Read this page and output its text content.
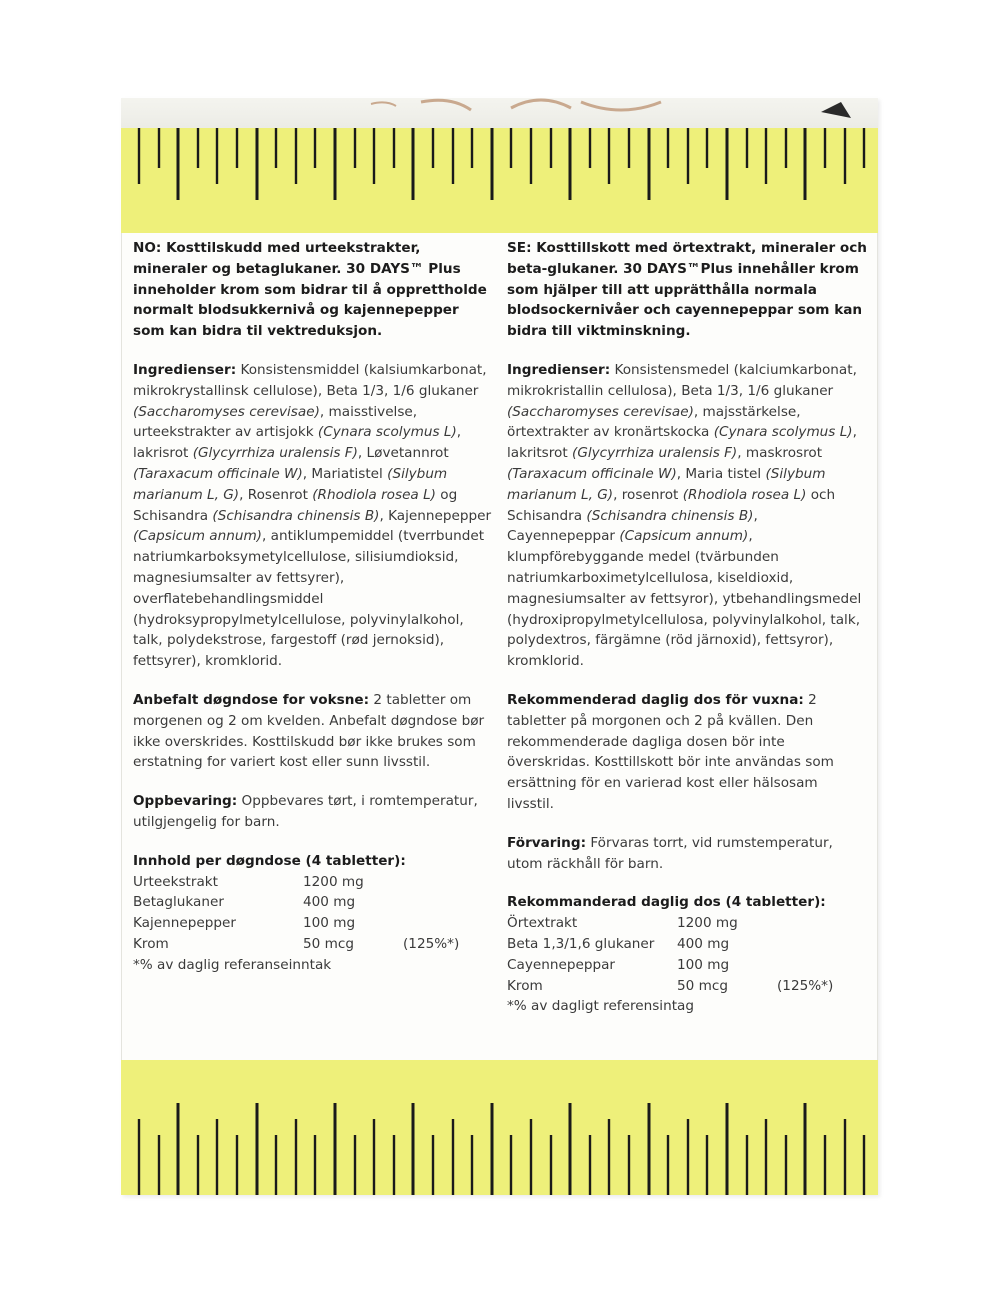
NO: Kosttilskudd med urteekstrakter, mineraler og betaglukaner. 30 DAYS™ Plus inneholder krom som bidrar til å opprettholde normalt blodsukkernivå og kajennepepper som kan bidra til vektreduksjon.

Ingredienser: Konsistensmiddel (kalsiumkarbonat, mikrokrystallinsk cellulose), Beta 1/3, 1/6 glukaner (Saccharomyses cerevisae), maisstivelse, urteekstrakter av artisjokk (Cynara scolymus L), lakrisrot (Glycyrrhiza uralensis F), Løvetannrot (Taraxacum officinale W), Mariatistel (Silybum marianum L, G), Rosenrot (Rhodiola rosea L) og Schisandra (Schisandra chinensis B), Kajennepepper (Capsicum annum), antiklumpemiddel (tverrbundet natriumkarboksymetylcellulose, silisiumdioksid, magnesiumsalter av fettsyrer), overflatebehandlingsmiddel (hydroksypropylmetylcellulose, polyvinylalkohol, talk, polydekstrose, fargestoff (rød jernoksid), fettsyrer), kromklorid.

Anbefalt døgndose for voksne: 2 tabletter om morgenen og 2 om kvelden. Anbefalt døgndose bør ikke overskrides. Kosttilskudd bør ikke brukes som erstatning for variert kost eller sunn livsstil.

Oppbevaring: Oppbevares tørt, i romtemperatur, utilgjengelig for barn.

Innhold per døgndose (4 tabletter):

Urteekstrakt	1200 mg
Betaglukaner	400 mg
Kajennepepper	100 mg
Krom	50 mcg	(125%*)
*% av daglig referanseinntak

SE: Kosttillskott med örtextrakt, mineraler och beta-glukaner. 30 DAYS™Plus innehåller krom som hjälper till att upprätthålla normala blodsockernivåer och cayennepeppar som kan bidra till viktminskning.

Ingredienser: Konsistensmedel (kalciumkarbonat, mikrokristallin cellulosa), Beta 1/3, 1/6 glukaner (Saccharomyses cerevisae), majsstärkelse, örtextrakter av kronärtskocka (Cynara scolymus L), lakritsrot (Glycyrrhiza uralensis F), maskrosrot (Taraxacum officinale W), Maria tistel (Silybum marianum L, G), rosenrot (Rhodiola rosea L) och Schisandra (Schisandra chinensis B), Cayennepeppar (Capsicum annum), klumpförebyggande medel (tvärbunden natriumkarboximetylcellulosa, kiseldioxid, magnesiumsalter av fettsyror), ytbehandlingsmedel (hydroxipropylmetylcellulosa, polyvinylalkohol, talk, polydextros, färgämne (röd järnoxid), fettsyror), kromklorid.

Rekommenderad daglig dos för vuxna: 2 tabletter på morgonen och 2 på kvällen. Den rekommenderade dagliga dosen bör inte överskridas. Kosttillskott bör inte användas som ersättning för en varierad kost eller hälsosam livsstil.

Förvaring: Förvaras torrt, vid rumstemperatur, utom räckhåll för barn.

Rekommanderad daglig dos (4 tabletter):

Örtextrakt	1200 mg
Beta 1,3/1,6 glukaner	400 mg
Cayennepeppar	100 mg
Krom	50 mcg	(125%*)
*% av dagligt referensintag
